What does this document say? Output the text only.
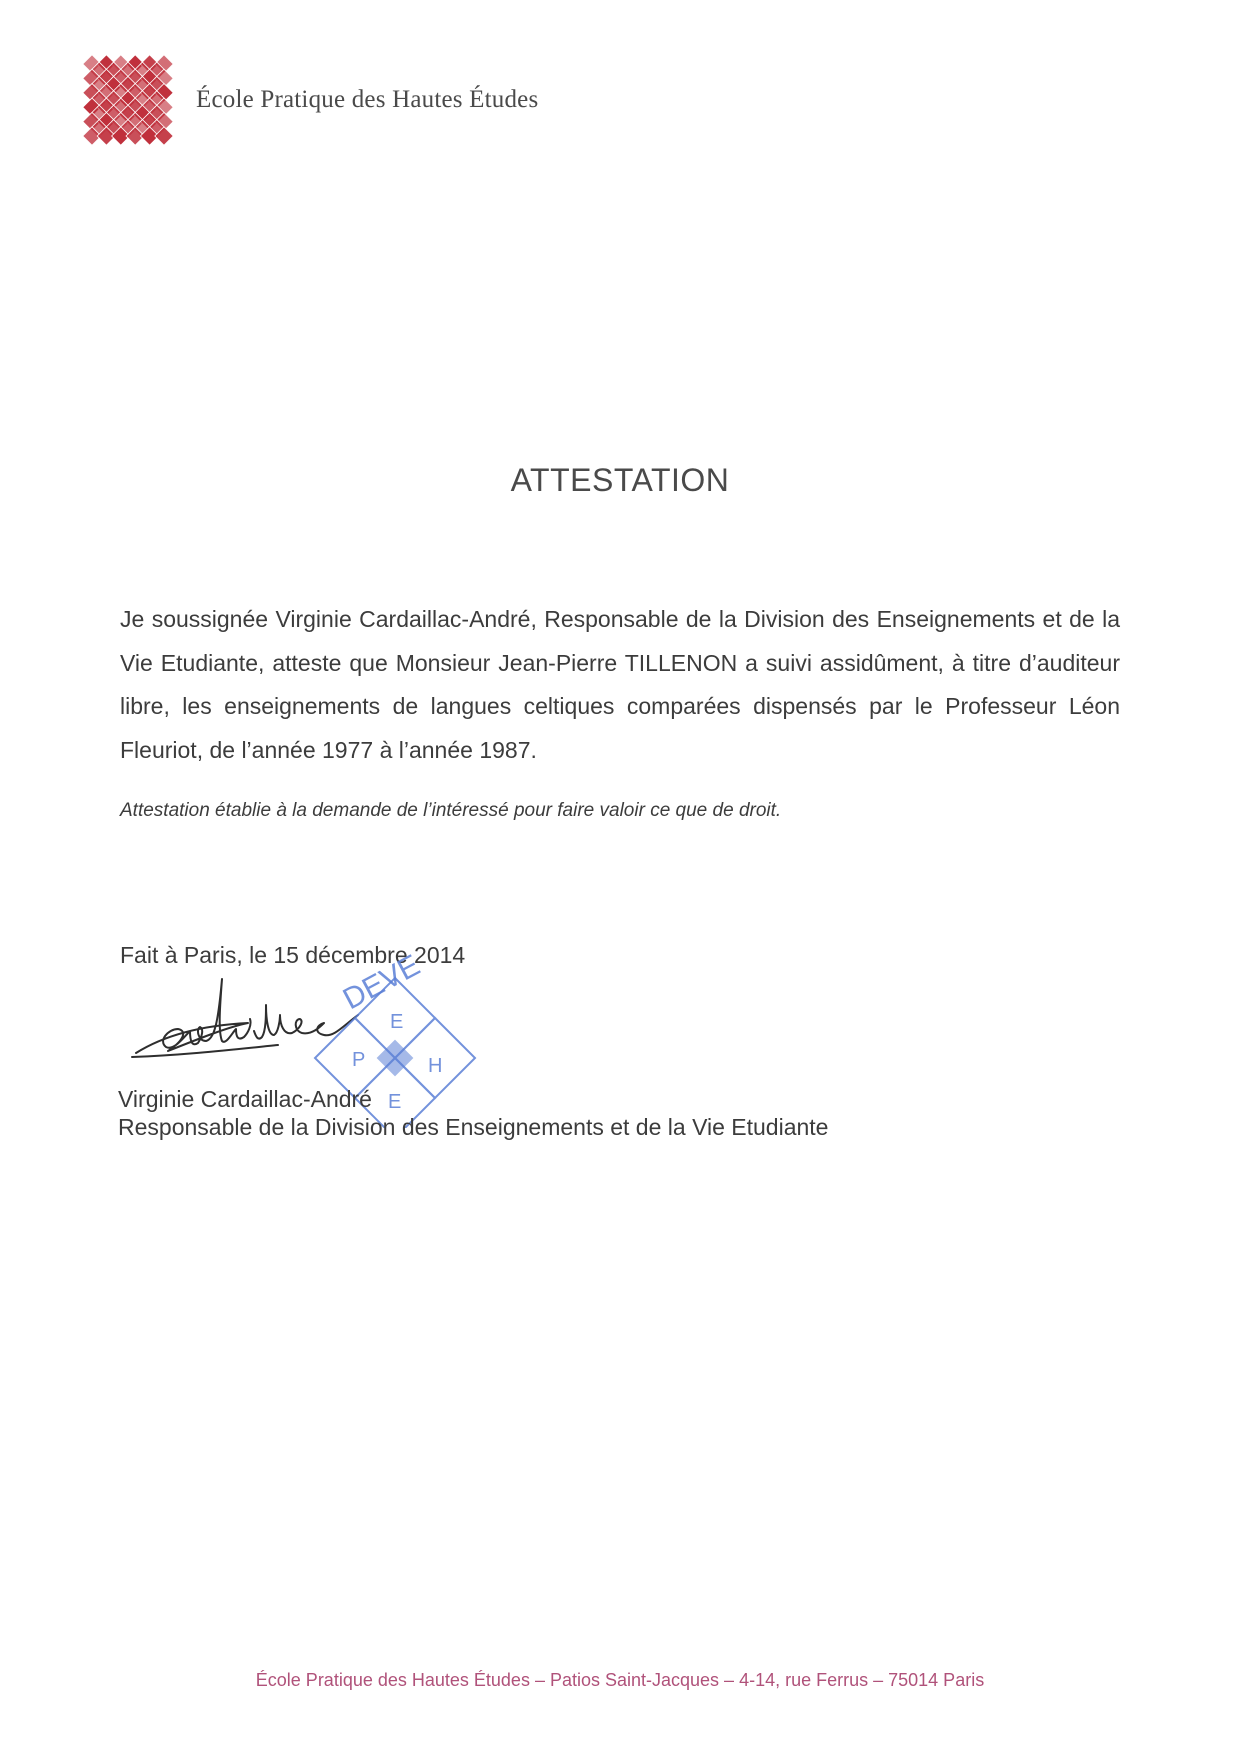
École Pratique des Hautes Études
ATTESTATION

Je soussignée Virginie Cardaillac-André, Responsable de la Division des Enseignements et de la Vie Etudiante, atteste que Monsieur Jean-Pierre TILLENON a suivi assidûment, à titre d’auditeur libre, les enseignements de langues celtiques comparées dispensés par le Professeur Léon Fleuriot, de l’année 1977 à l’année 1987.

Attestation établie à la demande de l’intéressé pour faire valoir ce que de droit.
Fait à Paris, le 15 décembre 2014
DEVE
E
P	H
E
Virginie Cardaillac-André
Responsable de la Division des Enseignements et de la Vie Etudiante
École Pratique des Hautes Études – Patios Saint-Jacques – 4-14, rue Ferrus – 75014 Paris
